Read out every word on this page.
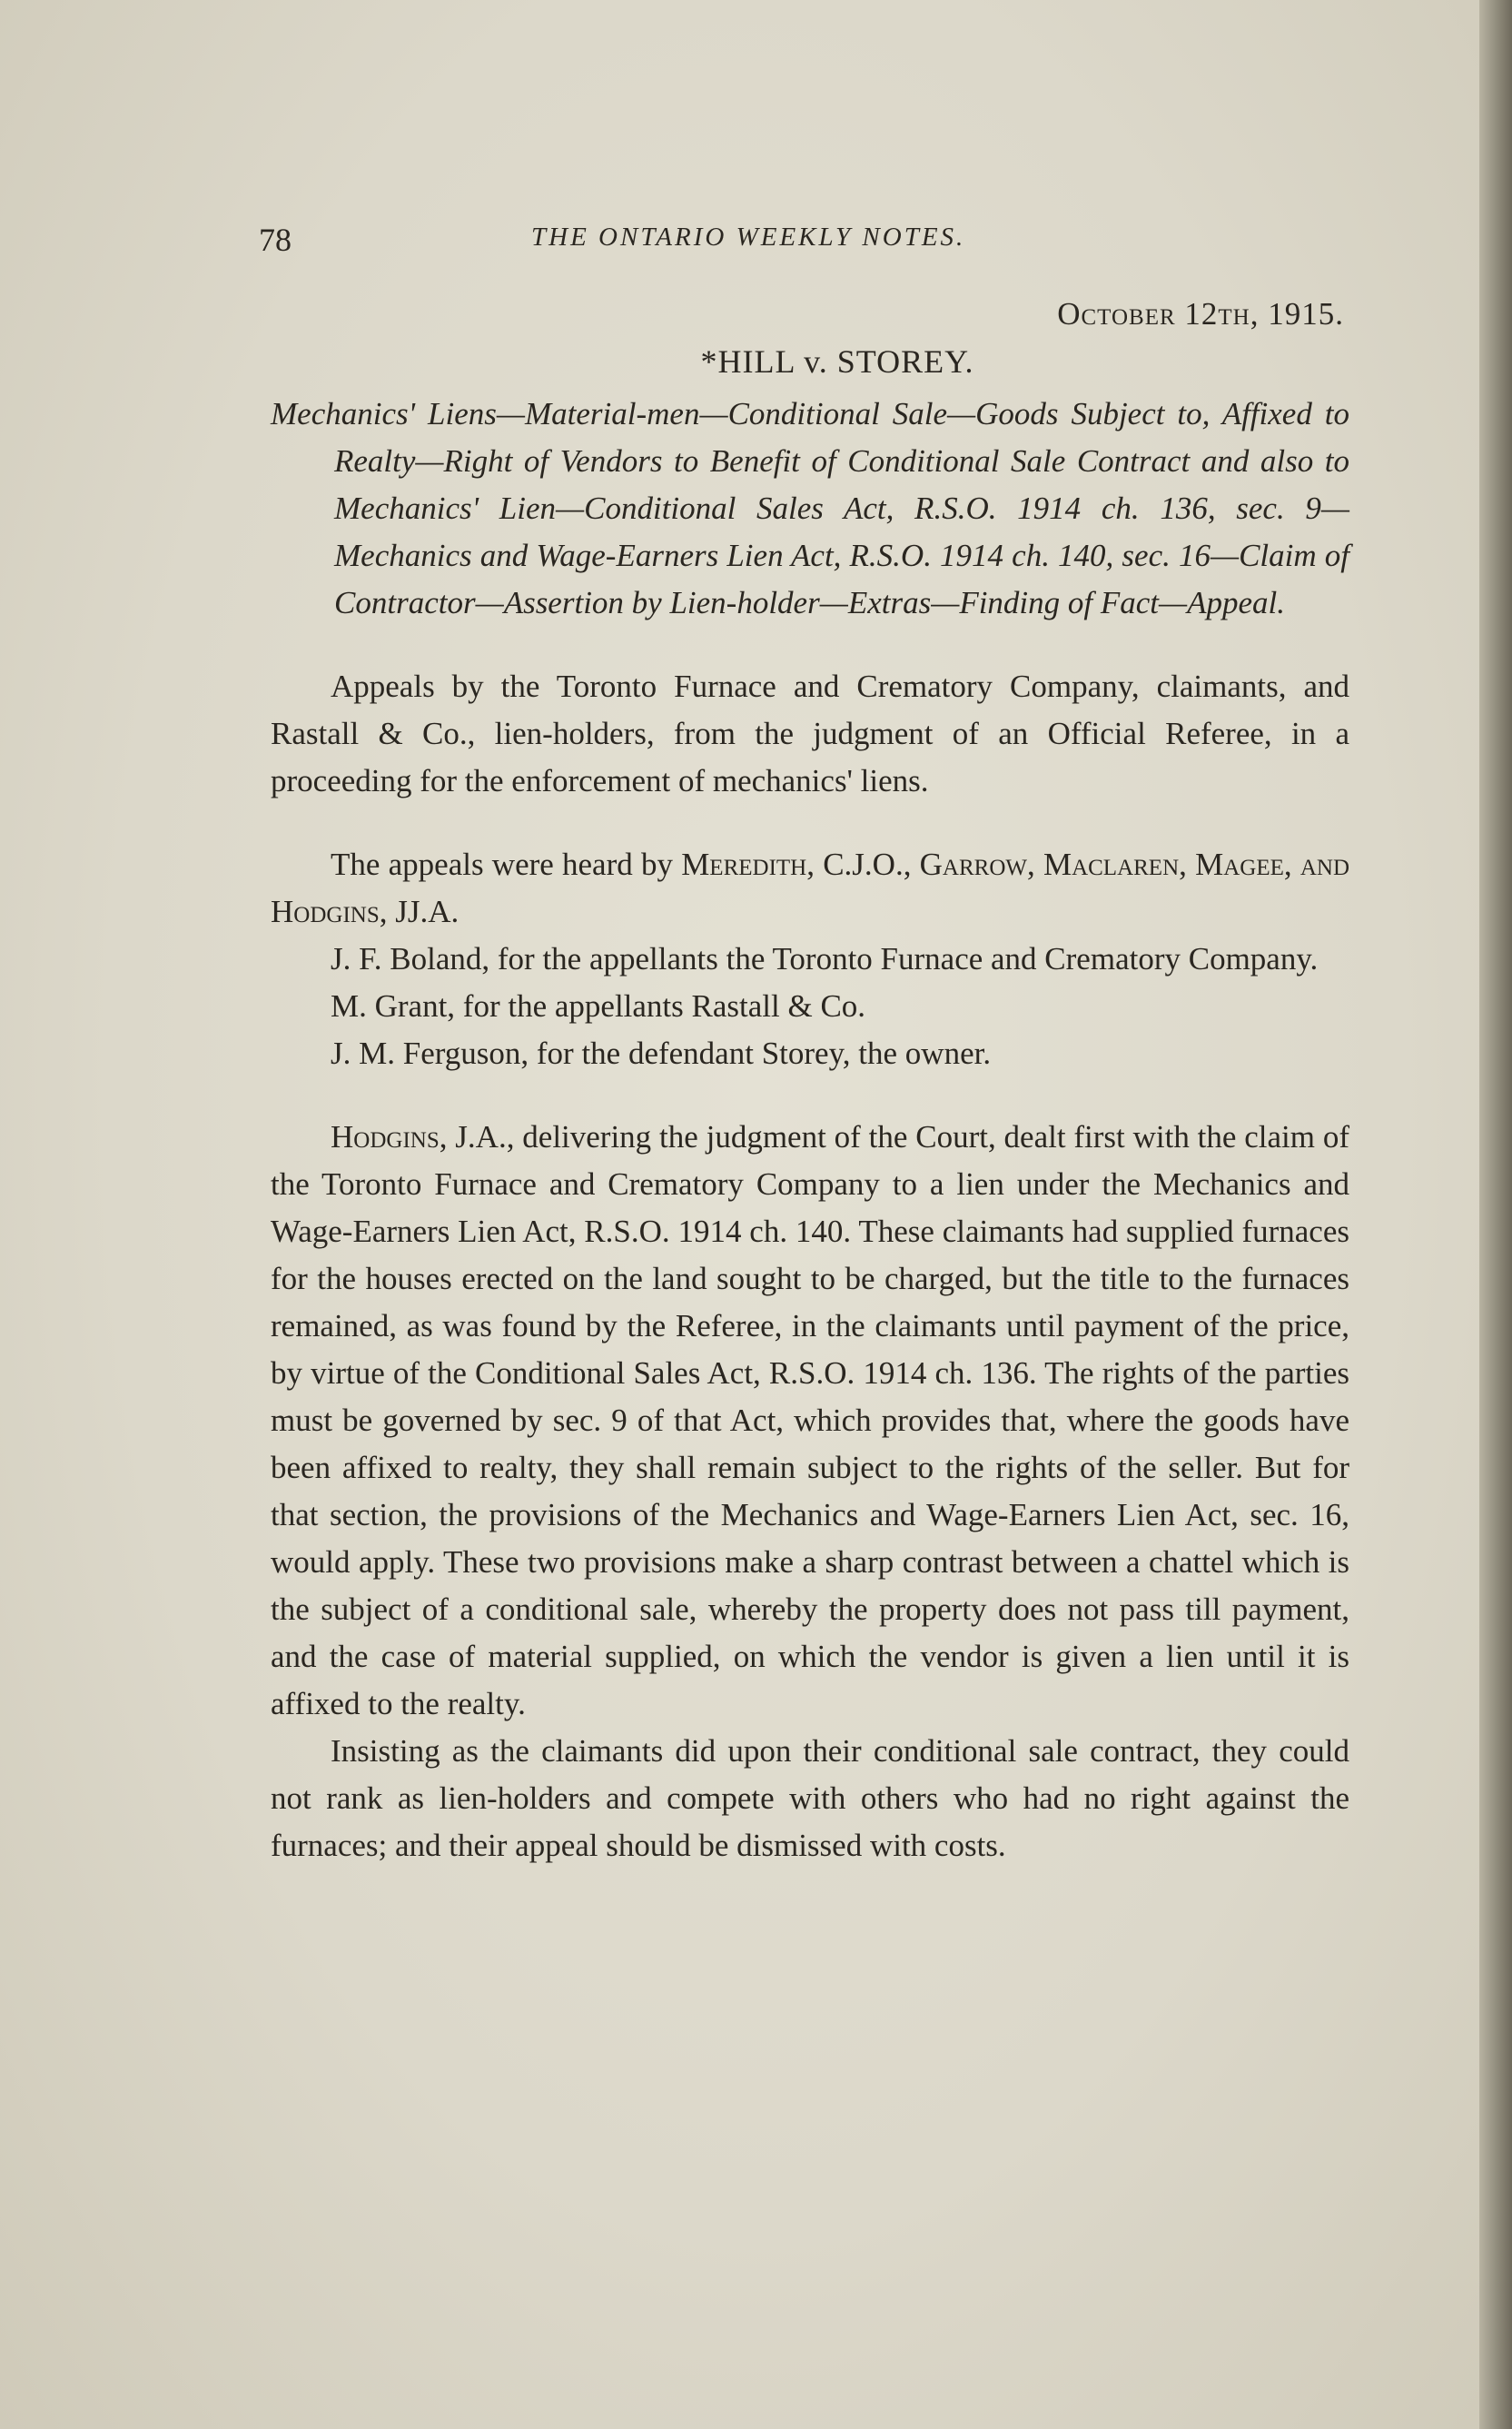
78	THE ONTARIO WEEKLY NOTES.

October 12th, 1915.

*HILL v. STOREY.

Mechanics' Liens—Material-men—Conditional Sale—Goods Subject to, Affixed to Realty—Right of Vendors to Benefit of Conditional Sale Contract and also to Mechanics' Lien—Conditional Sales Act, R.S.O. 1914 ch. 136, sec. 9—Mechanics and Wage-Earners Lien Act, R.S.O. 1914 ch. 140, sec. 16—Claim of Contractor—Assertion by Lien-holder—Extras—Finding of Fact—Appeal.

Appeals by the Toronto Furnace and Crematory Company, claimants, and Rastall & Co., lien-holders, from the judgment of an Official Referee, in a proceeding for the enforcement of mechanics' liens.

The appeals were heard by Meredith, C.J.O., Garrow, Maclaren, Magee, and Hodgins, JJ.A.

J. F. Boland, for the appellants the Toronto Furnace and Crematory Company.

M. Grant, for the appellants Rastall & Co.

J. M. Ferguson, for the defendant Storey, the owner.

Hodgins, J.A., delivering the judgment of the Court, dealt first with the claim of the Toronto Furnace and Crematory Company to a lien under the Mechanics and Wage-Earners Lien Act, R.S.O. 1914 ch. 140. These claimants had supplied furnaces for the houses erected on the land sought to be charged, but the title to the furnaces remained, as was found by the Referee, in the claimants until payment of the price, by virtue of the Conditional Sales Act, R.S.O. 1914 ch. 136. The rights of the parties must be governed by sec. 9 of that Act, which provides that, where the goods have been affixed to realty, they shall remain subject to the rights of the seller. But for that section, the provisions of the Mechanics and Wage-Earners Lien Act, sec. 16, would apply. These two provisions make a sharp contrast between a chattel which is the subject of a conditional sale, whereby the property does not pass till payment, and the case of material supplied, on which the vendor is given a lien until it is affixed to the realty.

Insisting as the claimants did upon their conditional sale contract, they could not rank as lien-holders and compete with others who had no right against the furnaces; and their appeal should be dismissed with costs.
